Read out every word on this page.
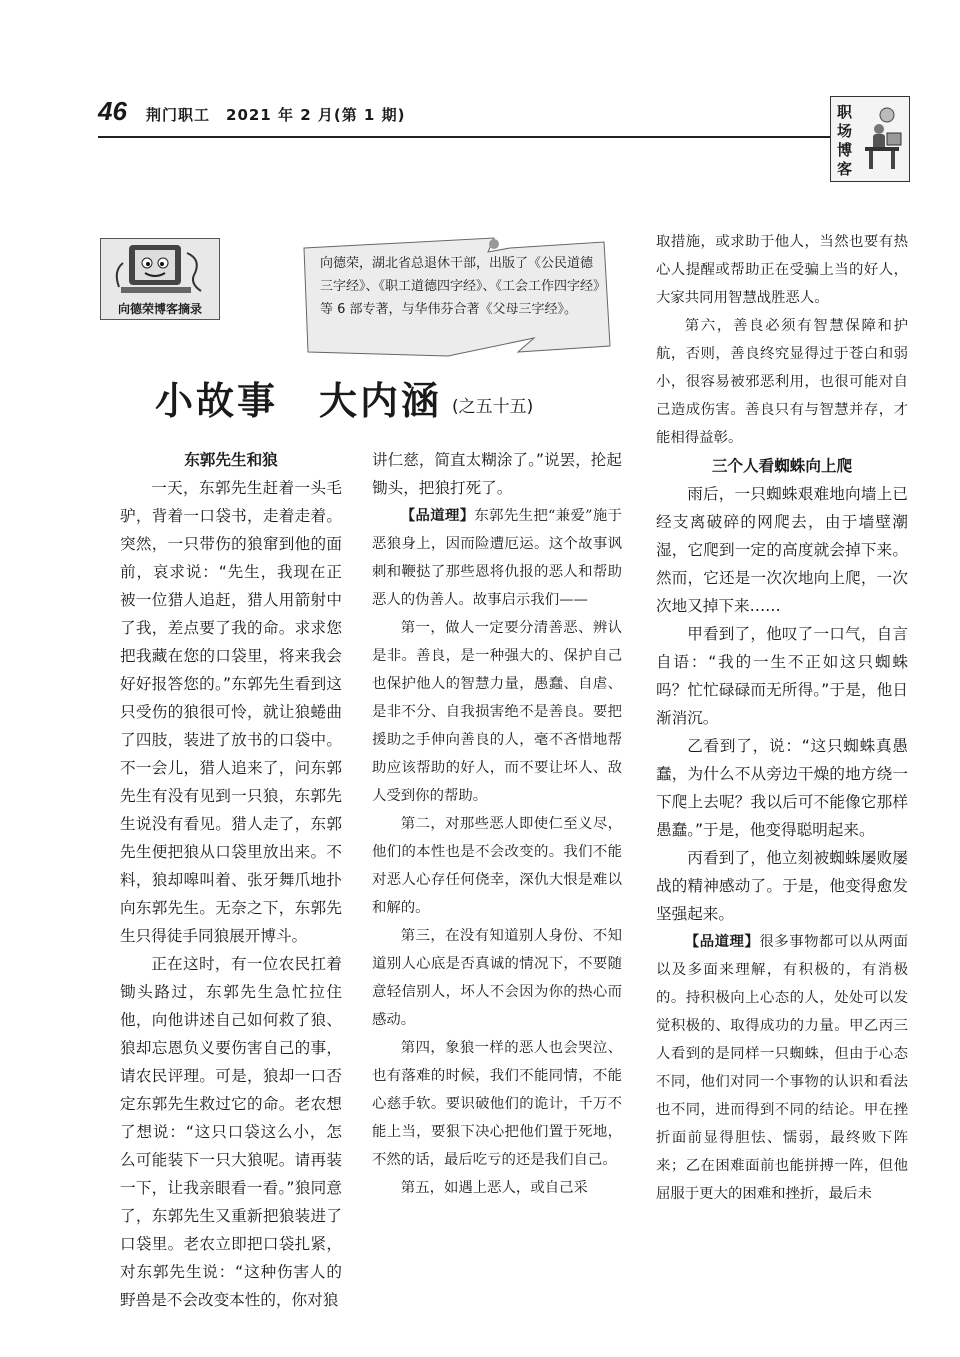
46 荆门职工　2021 年 2 月(第 1 期)	职
场
博
客
向德荣博客摘录
向德荣，湖北省总退休干部，出版了《公民道德三字经》、《职工道德四字经》、《工会工作四字经》等 6 部专著，与华伟芬合著《父母三字经》。
小故事　大内涵 (之五十五)

东郭先生和狼

一天，东郭先生赶着一头毛驴，背着一口袋书，走着走着。突然，一只带伤的狼窜到他的面前，哀求说：“先生，我现在正被一位猎人追赶，猎人用箭射中了我，差点要了我的命。求求您把我藏在您的口袋里，将来我会好好报答您的。”东郭先生看到这只受伤的狼很可怜，就让狼蜷曲了四肢，装进了放书的口袋中。不一会儿，猎人追来了，问东郭先生有没有见到一只狼，东郭先生说没有看见。猎人走了，东郭先生便把狼从口袋里放出来。不料，狼却嗥叫着、张牙舞爪地扑向东郭先生。无奈之下，东郭先生只得徒手同狼展开博斗。

正在这时，有一位农民扛着锄头路过，东郭先生急忙拉住他，向他讲述自己如何救了狼、狼却忘恩负义要伤害自己的事，请农民评理。可是，狼却一口否定东郭先生救过它的命。老农想了想说：“这只口袋这么小，怎么可能装下一只大狼呢。请再装一下，让我亲眼看一看。”狼同意了，东郭先生又重新把狼装进了口袋里。老农立即把口袋扎紧，对东郭先生说：“这种伤害人的野兽是不会改变本性的，你对狼

讲仁慈，简直太糊涂了。”说罢，抡起锄头，把狼打死了。

【品道理】东郭先生把“兼爱”施于恶狼身上，因而险遭厄运。这个故事讽刺和鞭挞了那些恩将仇报的恶人和帮助恶人的伪善人。故事启示我们——

第一，做人一定要分清善恶、辨认是非。善良，是一种强大的、保护自己也保护他人的智慧力量，愚蠢、自虐、是非不分、自我损害绝不是善良。要把援助之手伸向善良的人，毫不吝惜地帮助应该帮助的好人，而不要让坏人、敌人受到你的帮助。

第二，对那些恶人即使仁至义尽，他们的本性也是不会改变的。我们不能对恶人心存任何侥幸，深仇大恨是难以和解的。

第三，在没有知道别人身份、不知道别人心底是否真诚的情况下，不要随意轻信别人，坏人不会因为你的热心而感动。

第四，象狼一样的恶人也会哭泣、也有落难的时候，我们不能同情，不能心慈手软。要识破他们的诡计，千万不能上当，要狠下决心把他们置于死地，不然的话，最后吃亏的还是我们自己。

第五，如遇上恶人，或自己采

取措施，或求助于他人，当然也要有热心人提醒或帮助正在受骗上当的好人，大家共同用智慧战胜恶人。

第六，善良必须有智慧保障和护航，否则，善良终究显得过于苍白和弱小，很容易被邪恶利用，也很可能对自己造成伤害。善良只有与智慧并存，才能相得益彰。

三个人看蜘蛛向上爬

雨后，一只蜘蛛艰难地向墙上已经支离破碎的网爬去，由于墙壁潮湿，它爬到一定的高度就会掉下来。然而，它还是一次次地向上爬，一次次地又掉下来……

甲看到了，他叹了一口气，自言自语：“我的一生不正如这只蜘蛛吗？忙忙碌碌而无所得。”于是，他日渐消沉。

乙看到了，说：“这只蜘蛛真愚蠢，为什么不从旁边干燥的地方绕一下爬上去呢？我以后可不能像它那样愚蠢。”于是，他变得聪明起来。

丙看到了，他立刻被蜘蛛屡败屡战的精神感动了。于是，他变得愈发坚强起来。

【品道理】很多事物都可以从两面以及多面来理解，有积极的，有消极的。持积极向上心态的人，处处可以发觉积极的、取得成功的力量。甲乙丙三人看到的是同样一只蜘蛛，但由于心态不同，他们对同一个事物的认识和看法也不同，进而得到不同的结论。甲在挫折面前显得胆怯、懦弱，最终败下阵来；乙在困难面前也能拼搏一阵，但他屈服于更大的困难和挫折，最后未
